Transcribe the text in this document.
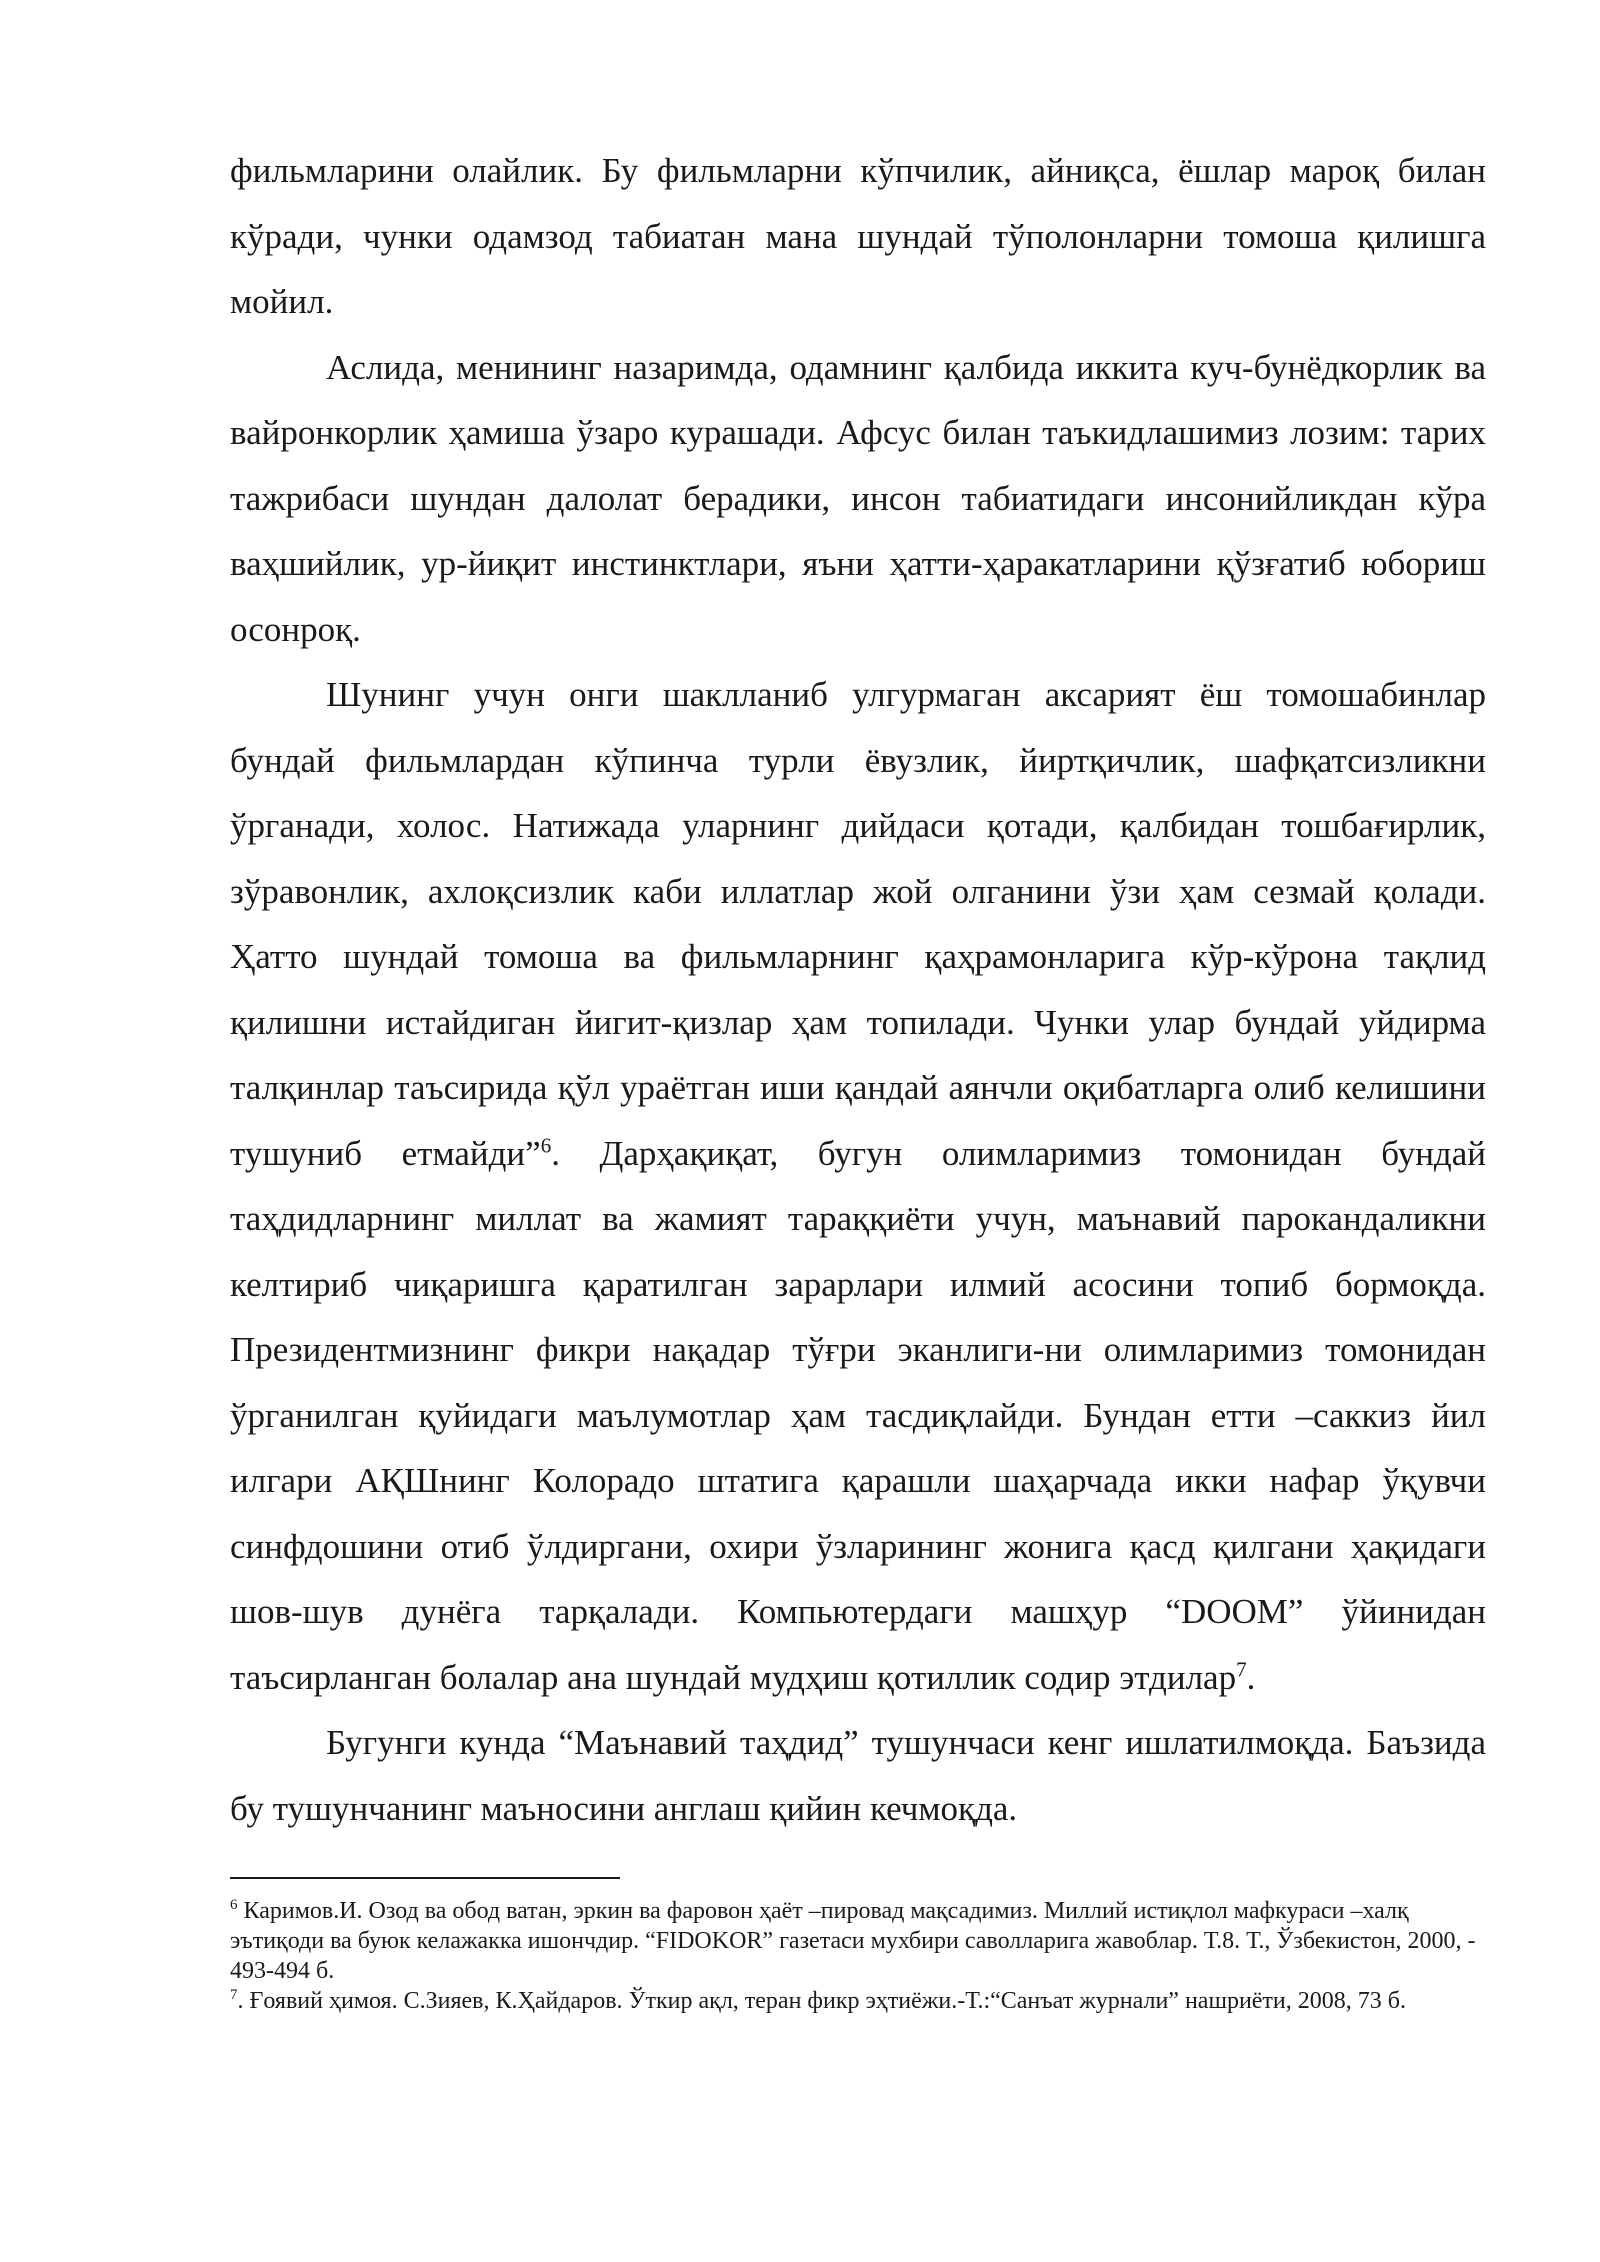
фильмларини олайлик. Бу фильмларни кўпчилик, айниқса, ёшлар мароқ билан кўради, чунки одамзод табиатан мана шундай тўполонларни томоша қилишга мойил.

Аслида, менининг назаримда, одамнинг қалбида иккита куч-бунёдкорлик ва вайронкорлик ҳамиша ўзаро курашади. Афсус билан таъкидлашимиз лозим: тарих тажрибаси шундан далолат берадики, инсон табиатидаги инсонийликдан кўра ваҳшийлик, ур-йиқит инстинктлари, яъни ҳатти-ҳаракатларини қўзғатиб юбориш осонроқ.

Шунинг учун онги шаклланиб улгурмаган аксарият ёш томошабинлар бундай фильмлардан кўпинча турли ёвузлик, йиртқичлик, шафқатсизликни ўрганади, холос. Натижада уларнинг дийдаси қотади, қалбидан тошбағирлик, зўравонлик, ахлоқсизлик каби иллатлар жой олганини ўзи ҳам сезмай қолади. Ҳатто шундай томоша ва фильмларнинг қаҳрамонларига кўр-кўрона тақлид қилишни истайдиган йигит-қизлар ҳам топилади. Чунки улар бундай уйдирма талқинлар таъсирида қўл ураётган иши қандай аянчли оқибатларга олиб келишини тушуниб етмайди”$^6$. Дарҳақиқат, бугун олимларимиз томонидан бундай таҳдидларнинг миллат ва жамият тараққиёти учун, маънавий парокандаликни келтириб чиқаришга қаратилган зарарлари илмий асосини топиб бормоқда. Президентмизнинг фикри нақадар тўғри эканлиги-ни олимларимиз томонидан ўрганилган қуйидаги маълумотлар ҳам тасдиқлайди. Бундан етти –саккиз йил илгари АҚШнинг Колорадо штатига қарашли шаҳарчада икки нафар ўқувчи синфдошини отиб ўлдиргани, охири ўзларининг жонига қасд қилгани ҳақидаги шов-шув дунёга тарқалади. Компьютердаги машҳур “DOOM” ўйинидан таъсирланган болалар ана шундай мудҳиш қотиллик содир этдилар$^7$.

Бугунги кунда “Маънавий таҳдид” тушунчаси кенг ишлатилмоқда. Баъзида бу тушунчанинг маъносини англаш қийин кечмоқда.

$^6$ Каримов.И. Озод ва обод ватан, эркин ва фаровон ҳаёт –пировад мақсадимиз. Миллий истиқлол мафкураси –халқ эътиқоди ва буюк келажакка ишончдир. “FIDOKOR” газетаси мухбири саволларига жавоблар. Т.8. Т., Ўзбекистон, 2000, - 493-494 б.

$^7$. Ғоявий ҳимоя. С.Зияев, К.Ҳайдаров. Ўткир ақл, теран фикр эҳтиёжи.-Т.:“Санъат журнали” нашриёти, 2008, 73 б.
